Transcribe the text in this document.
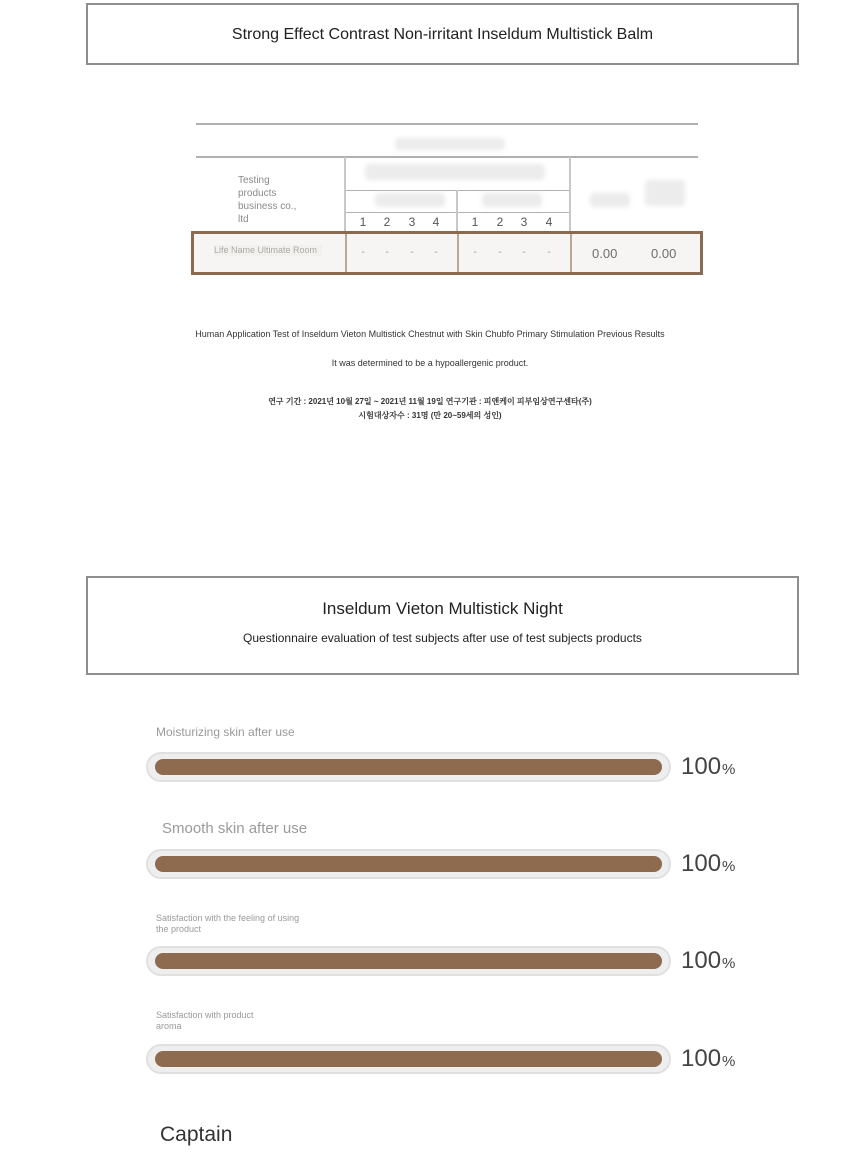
Strong Effect Contrast Non-irritant Inseldum Multistick Balm
Testing products business co., ltd	1	2	3	4	1	2	3	4
Life Name Ultimate Room	-	-	-	-	-	-	-	-	0.00	0.00
Human Application Test of Inseldum Vieton Multistick Chestnut with Skin Chubfo Primary Stimulation Previous Results
It was determined to be a hypoallergenic product.
연구 기간 : 2021년 10월 27일 ~ 2021년 11월 19일 연구기관 : 피앤케이 피부임상연구센타(주)
시험대상자수 : 31명 (만 20~59세의 성인)
Inseldum Vieton Multistick Night
Questionnaire evaluation of test subjects after use of test subjects products
Moisturizing skin after use
100%
Smooth skin after use
100%
Satisfaction with the feeling of using the product
100%
Satisfaction with product aroma
100%
Captain
